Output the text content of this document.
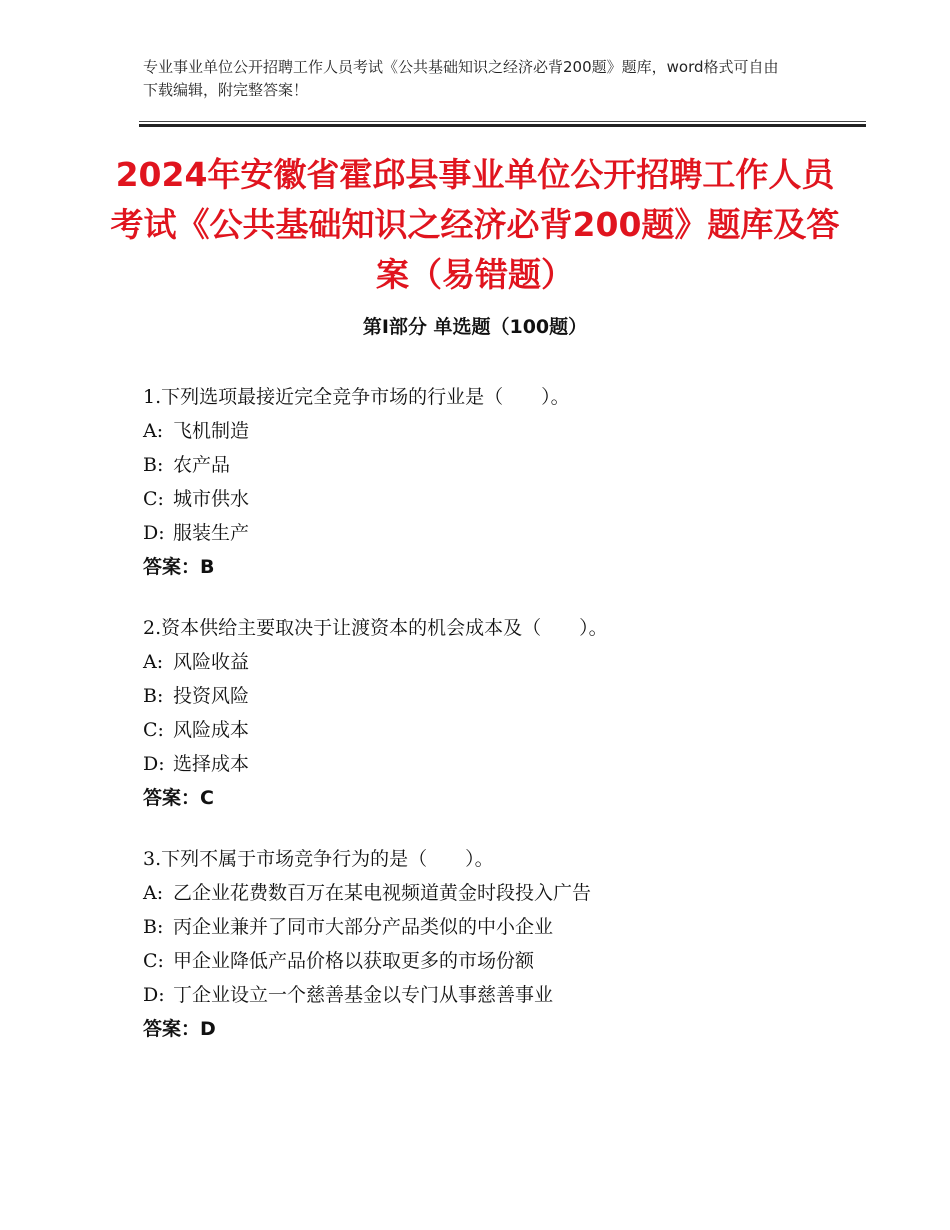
专业事业单位公开招聘工作人员考试《公共基础知识之经济必背200题》题库，word格式可自由下载编辑，附完整答案！
2024年安徽省霍邱县事业单位公开招聘工作人员考试《公共基础知识之经济必背200题》题库及答案（易错题）
第Ⅰ部分 单选题（100题）
1.下列选项最接近完全竞争市场的行业是（　　）。
A: 飞机制造
B: 农产品
C: 城市供水
D: 服装生产
答案：B
2.资本供给主要取决于让渡资本的机会成本及（　　）。
A: 风险收益
B: 投资风险
C: 风险成本
D: 选择成本
答案：C
3.下列不属于市场竞争行为的是（　　）。
A: 乙企业花费数百万在某电视频道黄金时段投入广告
B: 丙企业兼并了同市大部分产品类似的中小企业
C: 甲企业降低产品价格以获取更多的市场份额
D: 丁企业设立一个慈善基金以专门从事慈善事业
答案：D
